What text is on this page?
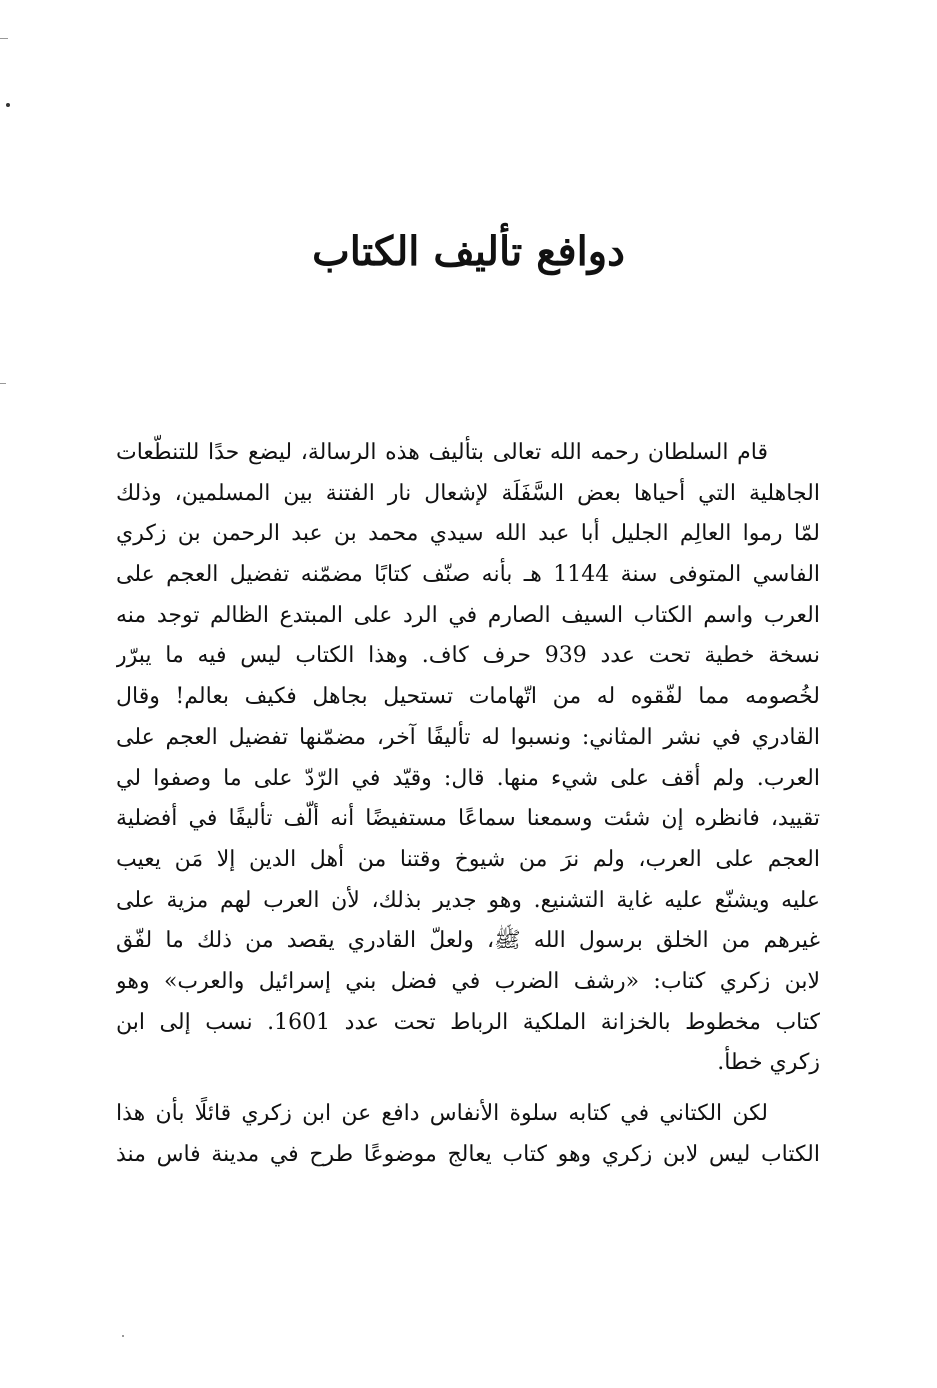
دوافع تأليف الكتاب

قام السلطان رحمه الله تعالى بتأليف هذه الرسالة، ليضع حدًا للتنطّعات
الجاهلية التي أحياها بعض السَّفَلَة لإشعال نار الفتنة بين المسلمين، وذلك
لمّا رموا العالِم الجليل أبا عبد الله سيدي محمد بن عبد الرحمن بن زكري
الفاسي المتوفى سنة 1144 هـ بأنه صنّف كتابًا مضمّنه تفضيل العجم على
العرب واسم الكتاب السيف الصارم في الرد على المبتدع الظالم توجد منه
نسخة خطية تحت عدد 939 حرف كاف. وهذا الكتاب ليس فيه ما يبرّر
لخُصومه مما لفّقوه له من اتّهامات تستحيل بجاهل فكيف بعالم! وقال
القادري في نشر المثاني: ونسبوا له تأليفًا آخر، مضمّنها تفضيل العجم على
العرب. ولم أقف على شيء منها. قال: وقيّد في الرّدّ على ما وصفوا لي
تقييد، فانظره إن شئت وسمعنا سماعًا مستفيضًا أنه ألّف تأليفًا في أفضلية
العجم على العرب، ولم نرَ من شيوخ وقتنا من أهل الدين إلا مَن يعيب
عليه ويشنّع عليه غاية التشنيع. وهو جدير بذلك، لأن العرب لهم مزية على
غيرهم من الخلق برسول الله ﷺ، ولعلّ القادري يقصد من ذلك ما لفّق
لابن زكري كتاب: «رشف الضرب في فضل بني إسرائيل والعرب» وهو
كتاب مخطوط بالخزانة الملكية الرباط تحت عدد 1601. نسب إلى ابن
زكري خطأ.

لكن الكتاني في كتابه سلوة الأنفاس دافع عن ابن زكري قائلًا بأن هذا
الكتاب ليس لابن زكري وهو كتاب يعالج موضوعًا طرح في مدينة فاس منذ
